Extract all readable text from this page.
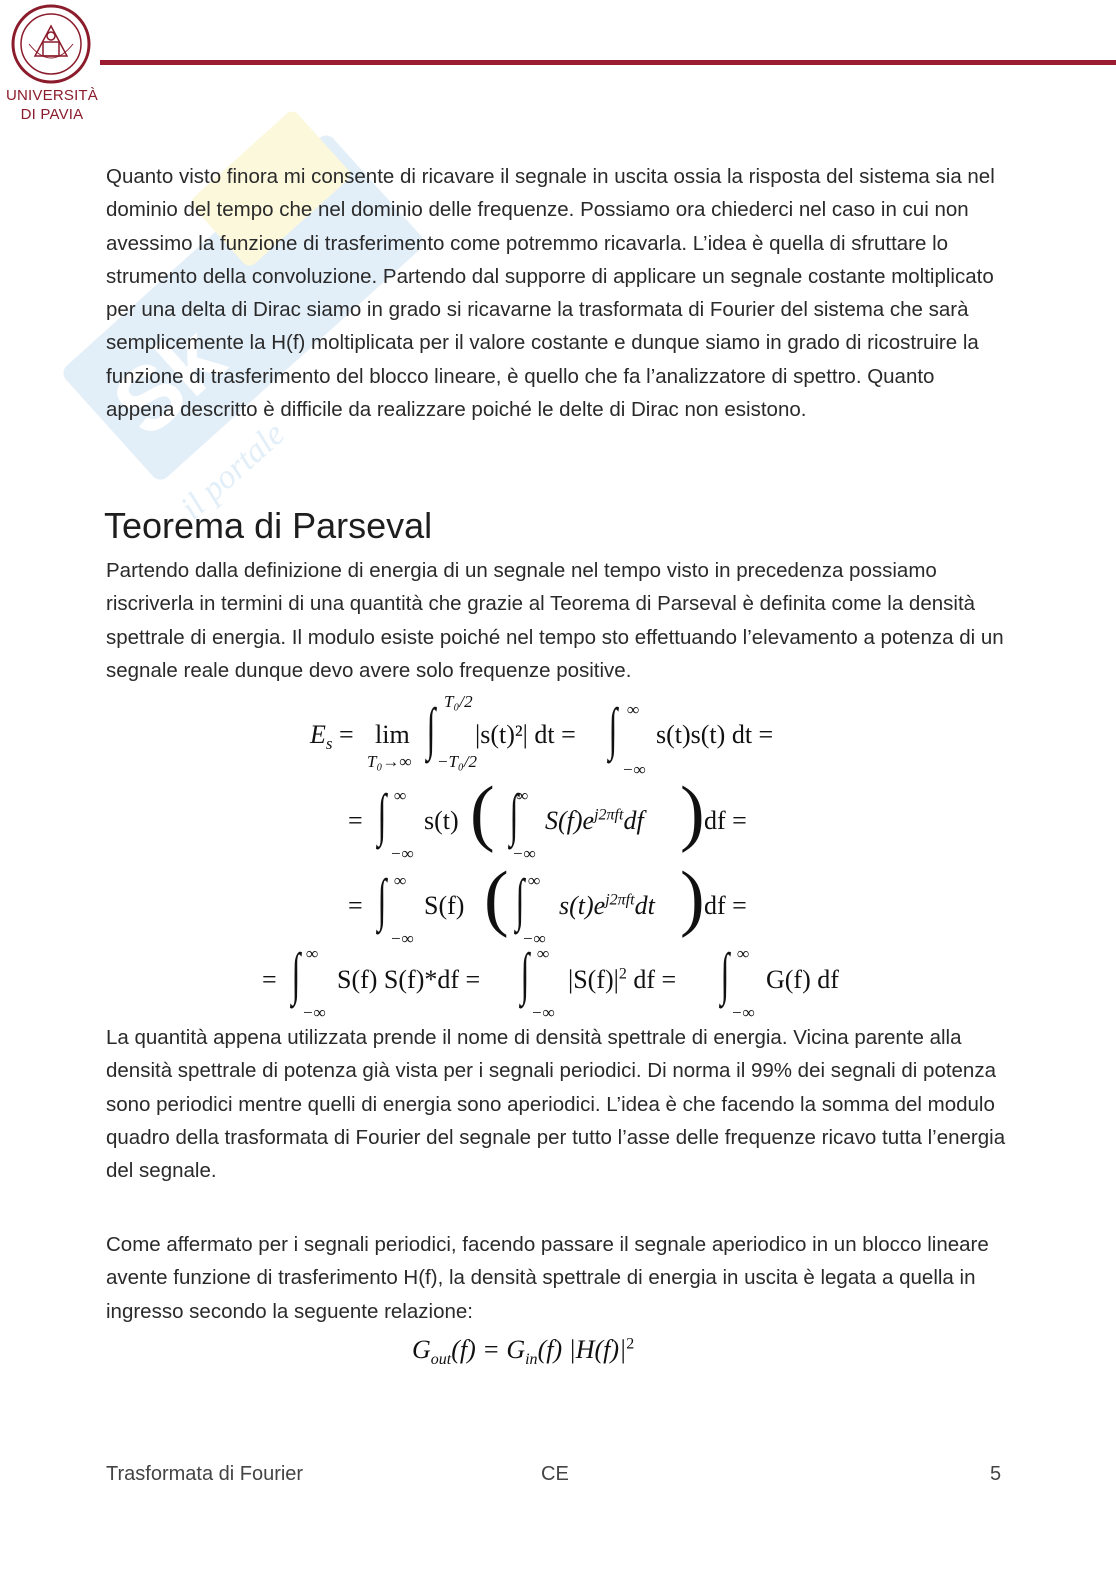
UNIVERSITÀ
DI PAVIA
Sk
il portale

Quanto visto finora mi consente di ricavare il segnale in uscita ossia la risposta del sistema sia nel dominio del tempo che nel dominio delle frequenze. Possiamo ora chiederci nel caso in cui non avessimo la funzione di trasferimento come potremmo ricavarla. L’idea è quella di sfruttare lo strumento della convoluzione. Partendo dal supporre di applicare un segnale costante moltiplicato per una delta di Dirac siamo in grado si ricavarne la trasformata di Fourier del sistema che sarà semplicemente la H(f) moltiplicata per il valore costante e dunque siamo in grado di ricostruire la funzione di trasferimento del blocco lineare, è quello che fa l’analizzatore di spettro. Quanto appena descritto è difficile da realizzare poiché le delte di Dirac non esistono.

Teorema di Parseval

Partendo dalla definizione di energia di un segnale nel tempo visto in precedenza possiamo riscriverla in termini di una quantità che grazie al Teorema di Parseval è definita come la densità spettrale di energia. Il modulo esiste poiché nel tempo sto effettuando l’elevamento a potenza di un segnale reale dunque devo avere solo frequenze positive.

$E_s = \lim$
T₀→∞
∫ T₀/2
−T₀/2
|s(t)²| dt = ∫ ∞
−∞
s(t)s(t) dt =
= ∫ ∞
−∞
s(t) ( ∫
∞
−∞
$S(f)e^{j2\pi ft}df$ ) df =
= ∫ ∞
−∞
S(f) ( ∫ ∞
−∞
$s(t)e^{j2\pi ft}dt$ ) df =
= ∫ ∞
−∞
S(f) S(f)*df = ∫ ∞
−∞
$|S(f)|^2$ df = ∫ ∞
−∞
G(f) df

La quantità appena utilizzata prende il nome di densità spettrale di energia. Vicina parente alla densità spettrale di potenza già vista per i segnali periodici. Di norma il 99% dei segnali di potenza sono periodici mentre quelli di energia sono aperiodici. L’idea è che facendo la somma del modulo quadro della trasformata di Fourier del segnale per tutto l’asse delle frequenze ricavo tutta l’energia del segnale.

Come affermato per i segnali periodici, facendo passare il segnale aperiodico in un blocco lineare avente funzione di trasferimento H(f), la densità spettrale di energia in uscita è legata a quella in ingresso secondo la seguente relazione:

$G_{out}(f) = G_{in}(f)$ $|H(f)|^2$
Trasformata di Fourier	CE	5
